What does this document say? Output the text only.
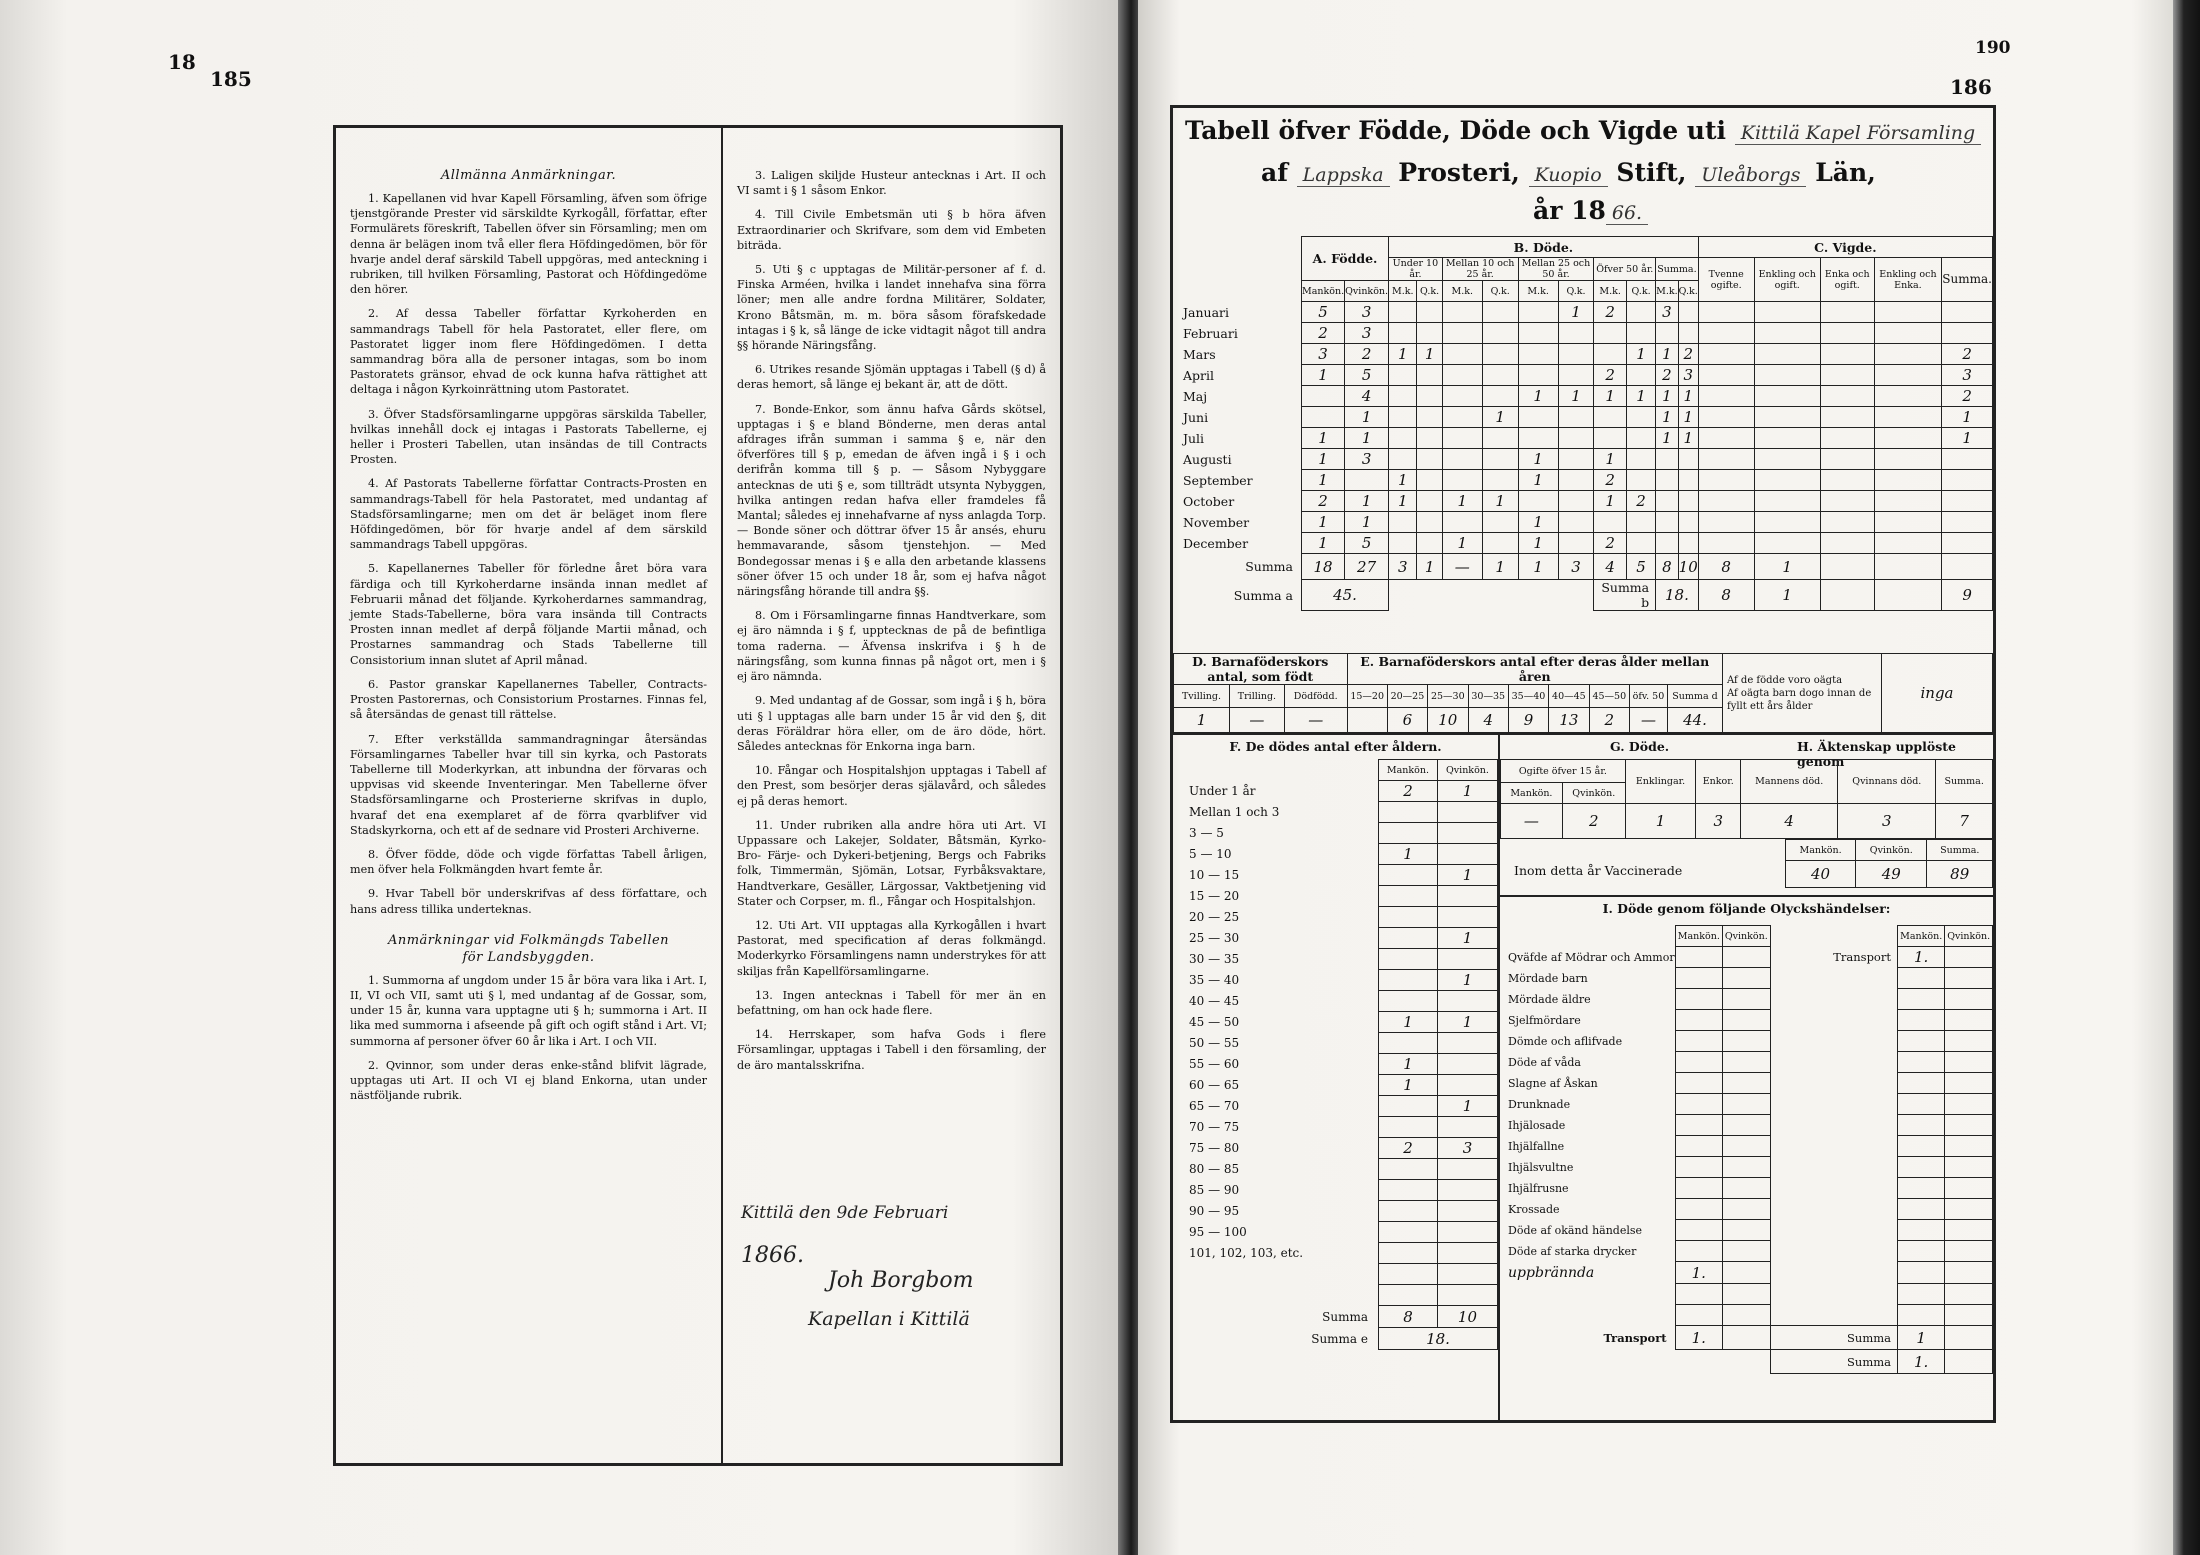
18
185
Allmänna Anmärkningar.

1. Kapellanen vid hvar Kapell Församling, äfven som öfrige tjenstgörande Prester vid särskildte Kyrkogåll, författar, efter Formulärets föreskrift, Tabellen öfver sin Församling; men om denna är belägen inom två eller flera Höfdingedömen, bör för hvarje andel deraf särskild Tabell uppgöras, med anteckning i rubriken, till hvilken Församling, Pastorat och Höfdingedöme den hörer.

2. Af dessa Tabeller författar Kyrkoherden en sammandrags Tabell för hela Pastoratet, eller flere, om Pastoratet ligger inom flere Höfdingedömen. I detta sammandrag böra alla de personer intagas, som bo inom Pastoratets gränsor, ehvad de ock kunna hafva rättighet att deltaga i någon Kyrkoinrättning utom Pastoratet.

3. Öfver Stadsförsamlingarne uppgöras särskilda Tabeller, hvilkas innehåll dock ej intagas i Pastorats Tabellerne, ej heller i Prosteri Tabellen, utan insändas de till Contracts Prosten.

4. Af Pastorats Tabellerne författar Contracts-Prosten en sammandrags-Tabell för hela Pastoratet, med undantag af Stadsförsamlingarne; men om det är beläget inom flere Höfdingedömen, bör för hvarje andel af dem särskild sammandrags Tabell uppgöras.

5. Kapellanernes Tabeller för förledne året böra vara färdiga och till Kyrkoherdarne insända innan medlet af Februarii månad det följande. Kyrkoherdarnes sammandrag, jemte Stads-Tabellerne, böra vara insända till Contracts Prosten innan medlet af derpå följande Martii månad, och Prostarnes sammandrag och Stads Tabellerne till Consistorium innan slutet af April månad.

6. Pastor granskar Kapellanernes Tabeller, Contracts-Prosten Pastorernas, och Consistorium Prostarnes. Finnas fel, så återsändas de genast till rättelse.

7. Efter verkställda sammandragningar återsändas Församlingarnes Tabeller hvar till sin kyrka, och Pastorats Tabellerne till Moderkyrkan, att inbundna der förvaras och uppvisas vid skeende Inventeringar. Men Tabellerne öfver Stadsförsamlingarne och Prosterierne skrifvas in duplo, hvaraf det ena exemplaret af de förra qvarblifver vid Stadskyrkorna, och ett af de sednare vid Prosteri Archiverne.

8. Öfver födde, döde och vigde författas Tabell årligen, men öfver hela Folkmängden hvart femte år.

9. Hvar Tabell bör underskrifvas af dess författare, och hans adress tillika underteknas.

Anmärkningar vid Folkmängds Tabellen
för Landsbyggden.

1. Summorna af ungdom under 15 år böra vara lika i Art. I, II, VI och VII, samt uti § l, med undantag af de Gossar, som, under 15 år, kunna vara upptagne uti § h; summorna i Art. II lika med summorna i afseende på gift och ogift stånd i Art. VI; summorna af personer öfver 60 år lika i Art. I och VII.

2. Qvinnor, som under deras enke-stånd blifvit lägrade, upptagas uti Art. II och VI ej bland Enkorna, utan under nästföljande rubrik.

3. Laligen skiljde Husteur antecknas i Art. II och VI samt i § 1 såsom Enkor.

4. Till Civile Embetsmän uti § b höra äfven Extraordinarier och Skrifvare, som dem vid Embeten biträda.

5. Uti § c upptagas de Militär-personer af f. d. Finska Arméen, hvilka i landet innehafva sina förra löner; men alle andre fordna Militärer, Soldater, Krono Båtsmän, m. m. böra såsom förafskedade intagas i § k, så länge de icke vidtagit något till andra §§ hörande Näringsfång.

6. Utrikes resande Sjömän upptagas i Tabell (§ d) å deras hemort, så länge ej bekant är, att de dött.

7. Bonde-Enkor, som ännu hafva Gårds skötsel, upptagas i § e bland Bönderne, men deras antal afdrages ifrån summan i samma § e, när den öfverföres till § p, emedan de äfven ingå i § i och derifrån komma till § p. — Såsom Nybyggare antecknas de uti § e, som tillträdt utsynta Nybyggen, hvilka antingen redan hafva eller framdeles få Mantal; således ej innehafvarne af nyss anlagda Torp. — Bonde söner och döttrar öfver 15 år ansés, ehuru hemmavarande, såsom tjenstehjon. — Med Bondegossar menas i § e alla den arbetande klassens söner öfver 15 och under 18 år, som ej hafva något näringsfång hörande till andra §§.

8. Om i Församlingarne finnas Handtverkare, som ej äro nämnda i § f, upptecknas de på de befintliga toma raderna. — Äfvensa inskrifva i § h de näringsfång, som kunna finnas på något ort, men i § ej äro nämnda.

9. Med undantag af de Gossar, som ingå i § h, böra uti § l upptagas alle barn under 15 år vid den §, dit deras Föräldrar höra eller, om de äro döde, hört. Således antecknas för Enkorna inga barn.

10. Fångar och Hospitalshjon upptagas i Tabell af den Prest, som besörjer deras själavård, och således ej på deras hemort.

11. Under rubriken alla andre höra uti Art. VI Uppassare och Lakejer, Soldater, Båtsmän, Kyrko- Bro- Färje- och Dykeri-betjening, Bergs och Fabriks folk, Timmermän, Sjömän, Lotsar, Fyrbåksvaktare, Handtverkare, Gesäller, Lärgossar, Vaktbetjening vid Stater och Corpser, m. fl., Fångar och Hospitalshjon.

12. Uti Art. VII upptagas alla Kyrkogållen i hvart Pastorat, med specification af deras folkmängd. Moderkyrko Församlingens namn understrykes för att skiljas från Kapellförsamlingarne.

13. Ingen antecknas i Tabell för mer än en befattning, om han ock hade flere.

14. Herrskaper, som hafva Gods i flere Församlingar, upptagas i Tabell i den församling, der de äro mantalsskrifna.

Kittilä den 9de Februari
1866.
Joh Borgbom
Kapellan i Kittilä
190
186
Tabell öfver Födde, Döde och Vigde uti Kittilä Kapel Församling
af Lappska Prosteri, Kuopio Stift, Uleåborgs Län,
år 18 66.
	A. Födde.		B. Döde.										C. Vigde.				
			Under 10 år.		Mellan 10 och 25 år.		Mellan 25 och 50 år.		Öfver 50 år.		Summa.		Tvenne ogifte.	Enkling och ogift.	Enka och ogift.	Enkling och Enka.	Summa.
	Mankön.	Qvinkön.	M.k.	Q.k.	M.k.	Q.k.	M.k.	Q.k.	M.k.	Q.k.	M.k.	Q.k.					
Januari	5	3						1	2		3						
Februari	2	3															
Mars	3	2	1	1						1	1	2					2
April	1	5							2		2	3					3
Maj		4					1	1	1	1	1	1					2
Juni		1				1					1	1					1
Juli	1	1									1	1					1
Augusti	1	3					1		1								
September	1		1				1		2								
October	2	1	1		1	1			1	2							
November	1	1					1										
December	1	5			1		1		2								
Summa	18	27	3	1	—	1	1	3	4	5	8	10	8	1			
Summa a	45.								Summa b		18.		8	1			9
D. Barnaföderskors antal, som födt			E. Barnaföderskors antal efter deras ålder mellan åren									Af de födde voro oägta
Af oägta barn dogo innan de fyllt ett års ålder	inga
Tvilling.	Trilling.	Dödfödd.	15—20	20—25	25—30	30—35	35—40	40—45	45—50	öfv. 50	Summa d		
1	—	—		6	10	4	9	13	2	—	44.		
F. De dödes antal efter åldern.
	Mankön.	Qvinkön.
Under 1 år	2	1
Mellan 1 och 3		
3 — 5		
5 — 10	1	
10 — 15		1
15 — 20		
20 — 25		
25 — 30		1
30 — 35		
35 — 40		1
40 — 45		
45 — 50	1	1
50 — 55		
55 — 60	1	
60 — 65	1	
65 — 70		1
70 — 75		
75 — 80	2	3
80 — 85		
85 — 90		
90 — 95		
95 — 100		
101, 102, 103, etc.		

Summa	8	10
Summa e	18.	
G. Döde.	H. Äktenskap upplöste genom
Ogifte öfver 15 år.		Enklingar.	Enkor.	Mannens död.	Qvinnans död.	Summa.
Mankön.	Qvinkön.					
—	2	1	3	4	3	7
Mankön.	Qvinkön.	Summa.
40	49	89
Inom detta år Vaccinerade
I. Döde genom följande Olyckshändelser:
	Mankön.	Qvinkön.		Mankön.	Qvinkön.
Qväfde af Mödrar och Ammor			Transport	1.	
Mördade barn					
Mördade äldre					
Sjelfmördare					
Dömde och aflifvade					
Döde af våda					
Slagne af Åskan					
Drunknade					
Ihjälosade					
Ihjälfallne					
Ihjälsvultne					
Ihjälfrusne					
Krossade					
Döde af okänd händelse					
Döde af starka drycker					
uppbrännda	1.				

Transport	1.		Summa	1	
			Summa	1.	
